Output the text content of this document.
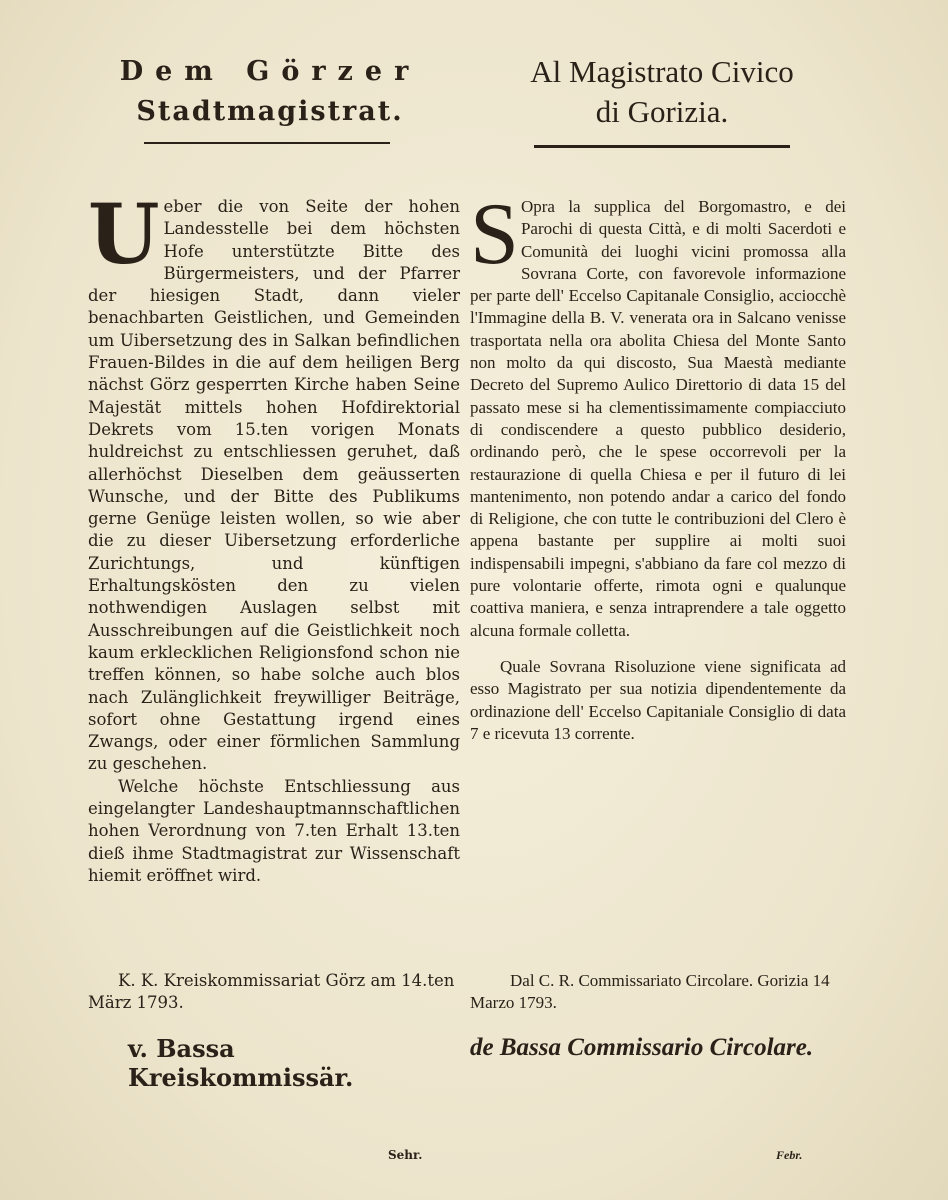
Dem Görzer
Stadtmagistrat.

U eber die von Seite der hohen Landesstelle bei dem höchsten Hofe unterstützte Bitte des Bürgermeisters, und der Pfarrer der hiesigen Stadt, dann vieler benachbarten Geistlichen, und Gemeinden um Uibersetzung des in Salkan befindlichen Frauen-Bildes in die auf dem heiligen Berg nächst Görz gesperrten Kirche haben Seine Majestät mittels hohen Hofdirektorial Dekrets vom 15.ten vorigen Monats huldreichst zu entschliessen geruhet, daß allerhöchst Dieselben dem geäusserten Wunsche, und der Bitte des Publikums gerne Genüge leisten wollen, so wie aber die zu dieser Uibersetzung erforderliche Zurichtungs, und künftigen Erhaltungskösten den zu vielen nothwendigen Auslagen selbst mit Ausschreibungen auf die Geistlichkeit noch kaum erklecklichen Religionsfond schon nie treffen können, so habe solche auch blos nach Zulänglichkeit freywilliger Beiträge, sofort ohne Gestattung irgend eines Zwangs, oder einer förmlichen Sammlung zu geschehen.

Welche höchste Entschliessung aus eingelangter Landeshauptmannschaftlichen hohen Verordnung von 7.ten Erhalt 13.ten dieß ihme Stadtmagistrat zur Wissenschaft hiemit eröffnet wird.

K. K. Kreiskommissariat Görz am 14.ten März 1793.
v. Bassa Kreiskommissär.
Sehr.
Al Magistrato Civico
di Gorizia.

S Opra la supplica del Borgomastro, e dei Parochi di questa Città, e di molti Sacerdoti e Comunità dei luoghi vicini promossa alla Sovrana Corte, con favorevole informazione per parte dell' Eccelso Capitanale Consiglio, acciocchè l'Immagine della B. V. venerata ora in Salcano venisse trasportata nella ora abolita Chiesa del Monte Santo non molto da qui discosto, Sua Maestà mediante Decreto del Supremo Aulico Direttorio di data 15 del passato mese si ha clementissimamente compiacciuto di condiscendere a questo pubblico desiderio, ordinando però, che le spese occorrevoli per la restaurazione di quella Chiesa e per il futuro di lei mantenimento, non potendo andar a carico del fondo di Religione, che con tutte le contribuzioni del Clero è appena bastante per supplire ai molti suoi indispensabili impegni, s'abbiano da fare col mezzo di pure volontarie offerte, rimota ogni e qualunque coattiva maniera, e senza intraprendere a tale oggetto alcuna formale colletta.

Quale Sovrana Risoluzione viene significata ad esso Magistrato per sua notizia dipendentemente da ordinazione dell' Eccelso Capitaniale Consiglio di data 7 e ricevuta 13 corrente.

Dal C. R. Commissariato Circolare. Gorizia 14 Marzo 1793.
de Bassa Commissario Circolare.
Febr.
